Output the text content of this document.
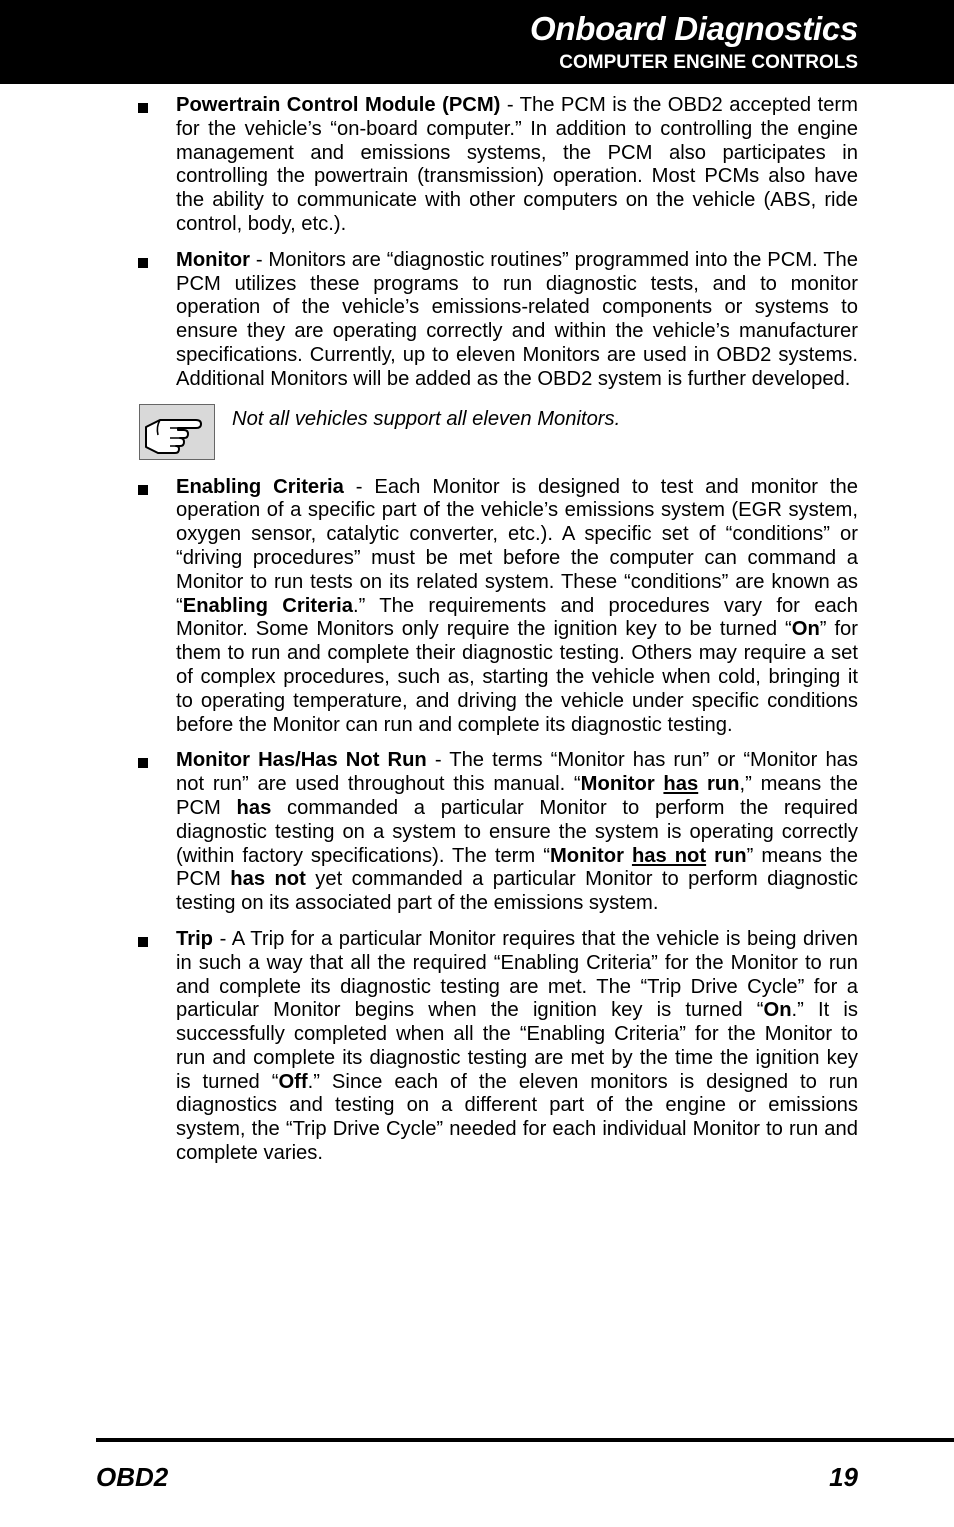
Onboard Diagnostics
COMPUTER ENGINE CONTROLS

Powertrain Control Module (PCM) - The PCM is the OBD2 accepted term for the vehicle’s “on-board computer.” In addition to controlling the engine management and emissions systems, the PCM also participates in controlling the powertrain (transmission) operation. Most PCMs also have the ability to communicate with other computers on the vehicle (ABS, ride control, body, etc.).

Monitor - Monitors are “diagnostic routines” programmed into the PCM. The PCM utilizes these programs to run diagnostic tests, and to monitor operation of the vehicle’s emissions-related components or systems to ensure they are operating correctly and within the vehicle’s manufacturer specifications. Currently, up to eleven Monitors are used in OBD2 systems. Additional Monitors will be added as the OBD2 system is further developed.

Not all vehicles support all eleven Monitors.

Enabling Criteria - Each Monitor is designed to test and monitor the operation of a specific part of the vehicle’s emissions system (EGR system, oxygen sensor, catalytic converter, etc.). A specific set of “conditions” or “driving procedures” must be met before the computer can command a Monitor to run tests on its related system. These “conditions” are known as “Enabling Criteria.” The requirements and procedures vary for each Monitor. Some Monitors only require the ignition key to be turned “On” for them to run and complete their diagnostic testing. Others may require a set of complex procedures, such as, starting the vehicle when cold, bringing it to operating temperature, and driving the vehicle under specific conditions before the Monitor can run and complete its diagnostic testing.

Monitor Has/Has Not Run - The terms “Monitor has run” or “Monitor has not run” are used throughout this manual. “Monitor has run,” means the PCM has commanded a particular Monitor to perform the required diagnostic testing on a system to ensure the system is operating correctly (within factory specifications). The term “Monitor has not run” means the PCM has not yet commanded a particular Monitor to perform diagnostic testing on its associated part of the emissions system.

Trip - A Trip for a particular Monitor requires that the vehicle is being driven in such a way that all the required “Enabling Criteria” for the Monitor to run and complete its diagnostic testing are met. The “Trip Drive Cycle” for a particular Monitor begins when the ignition key is turned “On.” It is successfully completed when all the “Enabling Criteria” for the Monitor to run and complete its diagnostic testing are met by the time the ignition key is turned “Off.” Since each of the eleven monitors is designed to run diagnostics and testing on a different part of the engine or emissions system, the “Trip Drive Cycle” needed for each individual Monitor to run and complete varies.

OBD2	19
